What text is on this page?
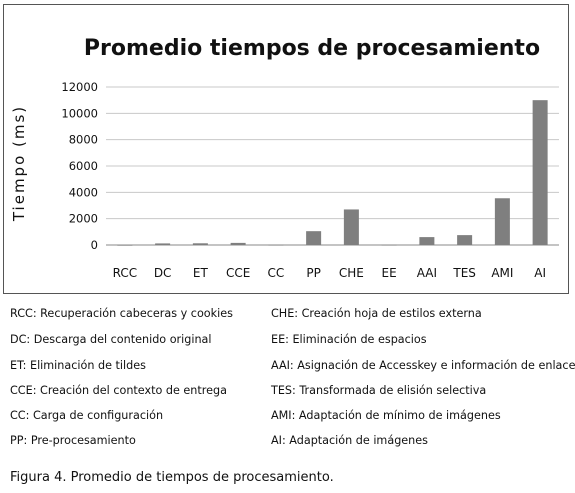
Promedio tiempos de procesamiento
Tiempo (ms)
0
2000
4000
6000
8000
10000
12000
RCC DC ET CCE CC PP CHE EE AAI TES AMI AI
RCC: Recuperación cabeceras y cookies
DC: Descarga del contenido original
ET: Eliminación de tildes
CCE: Creación del contexto de entrega
CC: Carga de configuración
PP: Pre-procesamiento
CHE: Creación hoja de estilos externa
EE: Eliminación de espacios
AAI: Asignación de Accesskey e información de enlace
TES: Transformada de elisión selectiva
AMI: Adaptación de mínimo de imágenes
AI: Adaptación de imágenes
Figura 4. Promedio de tiempos de procesamiento.
